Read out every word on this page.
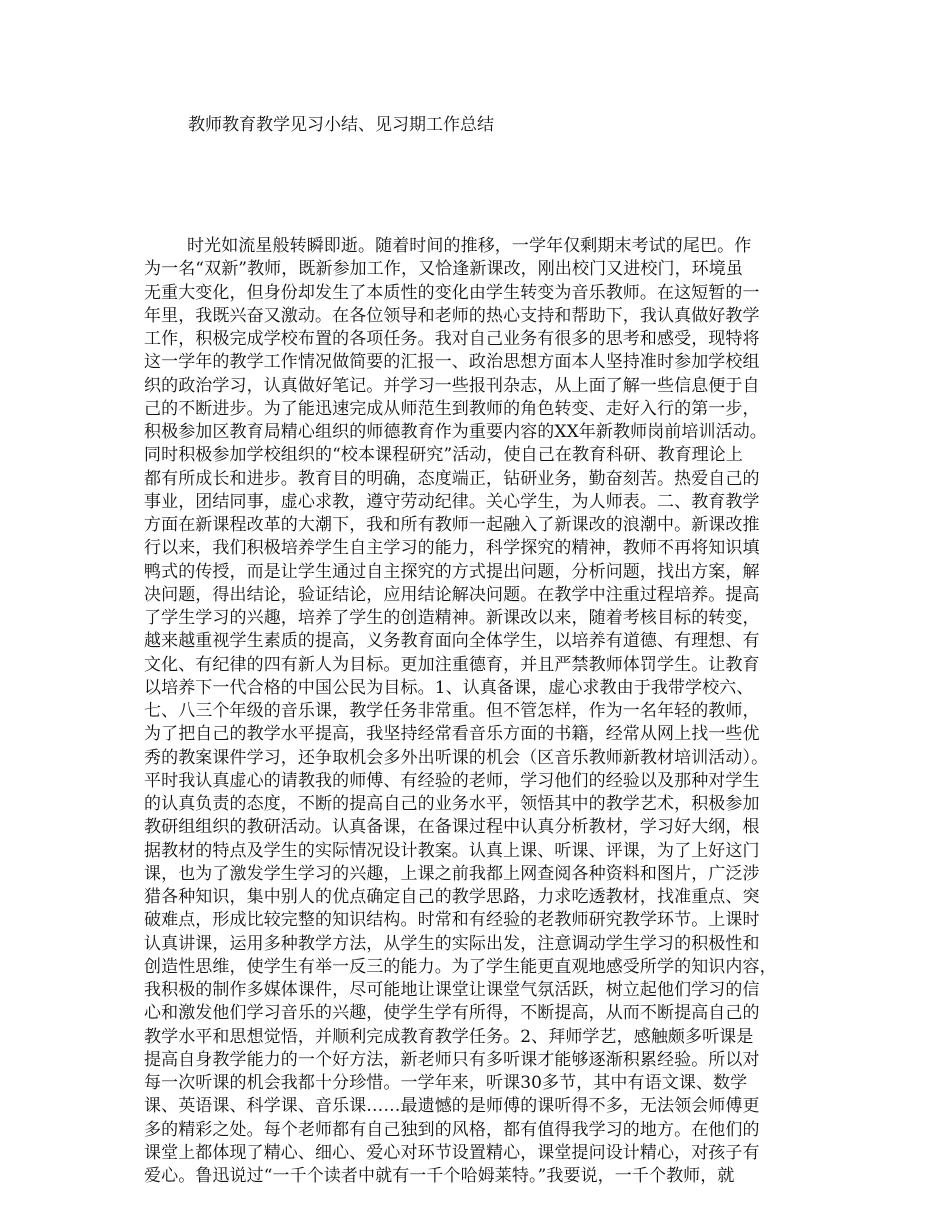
教师教育教学见习小结、见习期工作总结
时光如流星般转瞬即逝。随着时间的推移，一学年仅剩期末考试的尾巴。作
为一名“双新”教师，既新参加工作，又恰逢新课改，刚出校门又进校门，环境虽
无重大变化，但身份却发生了本质性的变化由学生转变为音乐教师。在这短暂的一
年里，我既兴奋又激动。在各位领导和老师的热心支持和帮助下，我认真做好教学
工作，积极完成学校布置的各项任务。我对自己业务有很多的思考和感受，现特将
这一学年的教学工作情况做简要的汇报一、政治思想方面本人坚持准时参加学校组
织的政治学习，认真做好笔记。并学习一些报刊杂志，从上面了解一些信息便于自
己的不断进步。为了能迅速完成从师范生到教师的角色转变、走好入行的第一步，
积极参加区教育局精心组织的师德教育作为重要内容的XX年新教师岗前培训活动。
同时积极参加学校组织的“校本课程研究”活动，使自己在教育科研、教育理论上
都有所成长和进步。教育目的明确，态度端正，钻研业务，勤奋刻苦。热爱自己的
事业，团结同事，虚心求教，遵守劳动纪律。关心学生，为人师表。二、教育教学
方面在新课程改革的大潮下，我和所有教师一起融入了新课改的浪潮中。新课改推
行以来，我们积极培养学生自主学习的能力，科学探究的精神，教师不再将知识填
鸭式的传授，而是让学生通过自主探究的方式提出问题，分析问题，找出方案，解
决问题，得出结论，验证结论，应用结论解决问题。在教学中注重过程培养。提高
了学生学习的兴趣，培养了学生的创造精神。新课改以来，随着考核目标的转变，
越来越重视学生素质的提高，义务教育面向全体学生，以培养有道德、有理想、有
文化、有纪律的四有新人为目标。更加注重德育，并且严禁教师体罚学生。让教育
以培养下一代合格的中国公民为目标。1、认真备课，虚心求教由于我带学校六、
七、八三个年级的音乐课，教学任务非常重。但不管怎样，作为一名年轻的教师，
为了把自己的教学水平提高，我坚持经常看音乐方面的书籍，经常从网上找一些优
秀的教案课件学习，还争取机会多外出听课的机会（区音乐教师新教材培训活动）。
平时我认真虚心的请教我的师傅、有经验的老师，学习他们的经验以及那种对学生
的认真负责的态度，不断的提高自己的业务水平，领悟其中的教学艺术，积极参加
教研组组织的教研活动。认真备课，在备课过程中认真分析教材，学习好大纲，根
据教材的特点及学生的实际情况设计教案。认真上课、听课、评课，为了上好这门
课，也为了激发学生学习的兴趣，上课之前我都上网查阅各种资料和图片，广泛涉
猎各种知识，集中别人的优点确定自己的教学思路，力求吃透教材，找准重点、突
破难点，形成比较完整的知识结构。时常和有经验的老教师研究教学环节。上课时
认真讲课，运用多种教学方法，从学生的实际出发，注意调动学生学习的积极性和
创造性思维，使学生有举一反三的能力。为了学生能更直观地感受所学的知识内容，
我积极的制作多媒体课件，尽可能地让课堂让课堂气氛活跃，树立起他们学习的信
心和激发他们学习音乐的兴趣，使学生学有所得，不断提高，从而不断提高自己的
教学水平和思想觉悟，并顺利完成教育教学任务。2、拜师学艺，感触颇多听课是
提高自身教学能力的一个好方法，新老师只有多听课才能够逐渐积累经验。所以对
每一次听课的机会我都十分珍惜。一学年来，听课30多节，其中有语文课、数学
课、英语课、科学课、音乐课……最遗憾的是师傅的课听得不多，无法领会师傅更
多的精彩之处。每个老师都有自己独到的风格，都有值得我学习的地方。在他们的
课堂上都体现了精心、细心、爱心对环节设置精心，课堂提问设计精心，对孩子有
爱心。鲁迅说过“一千个读者中就有一千个哈姆莱特。”我要说，一千个教师，就
